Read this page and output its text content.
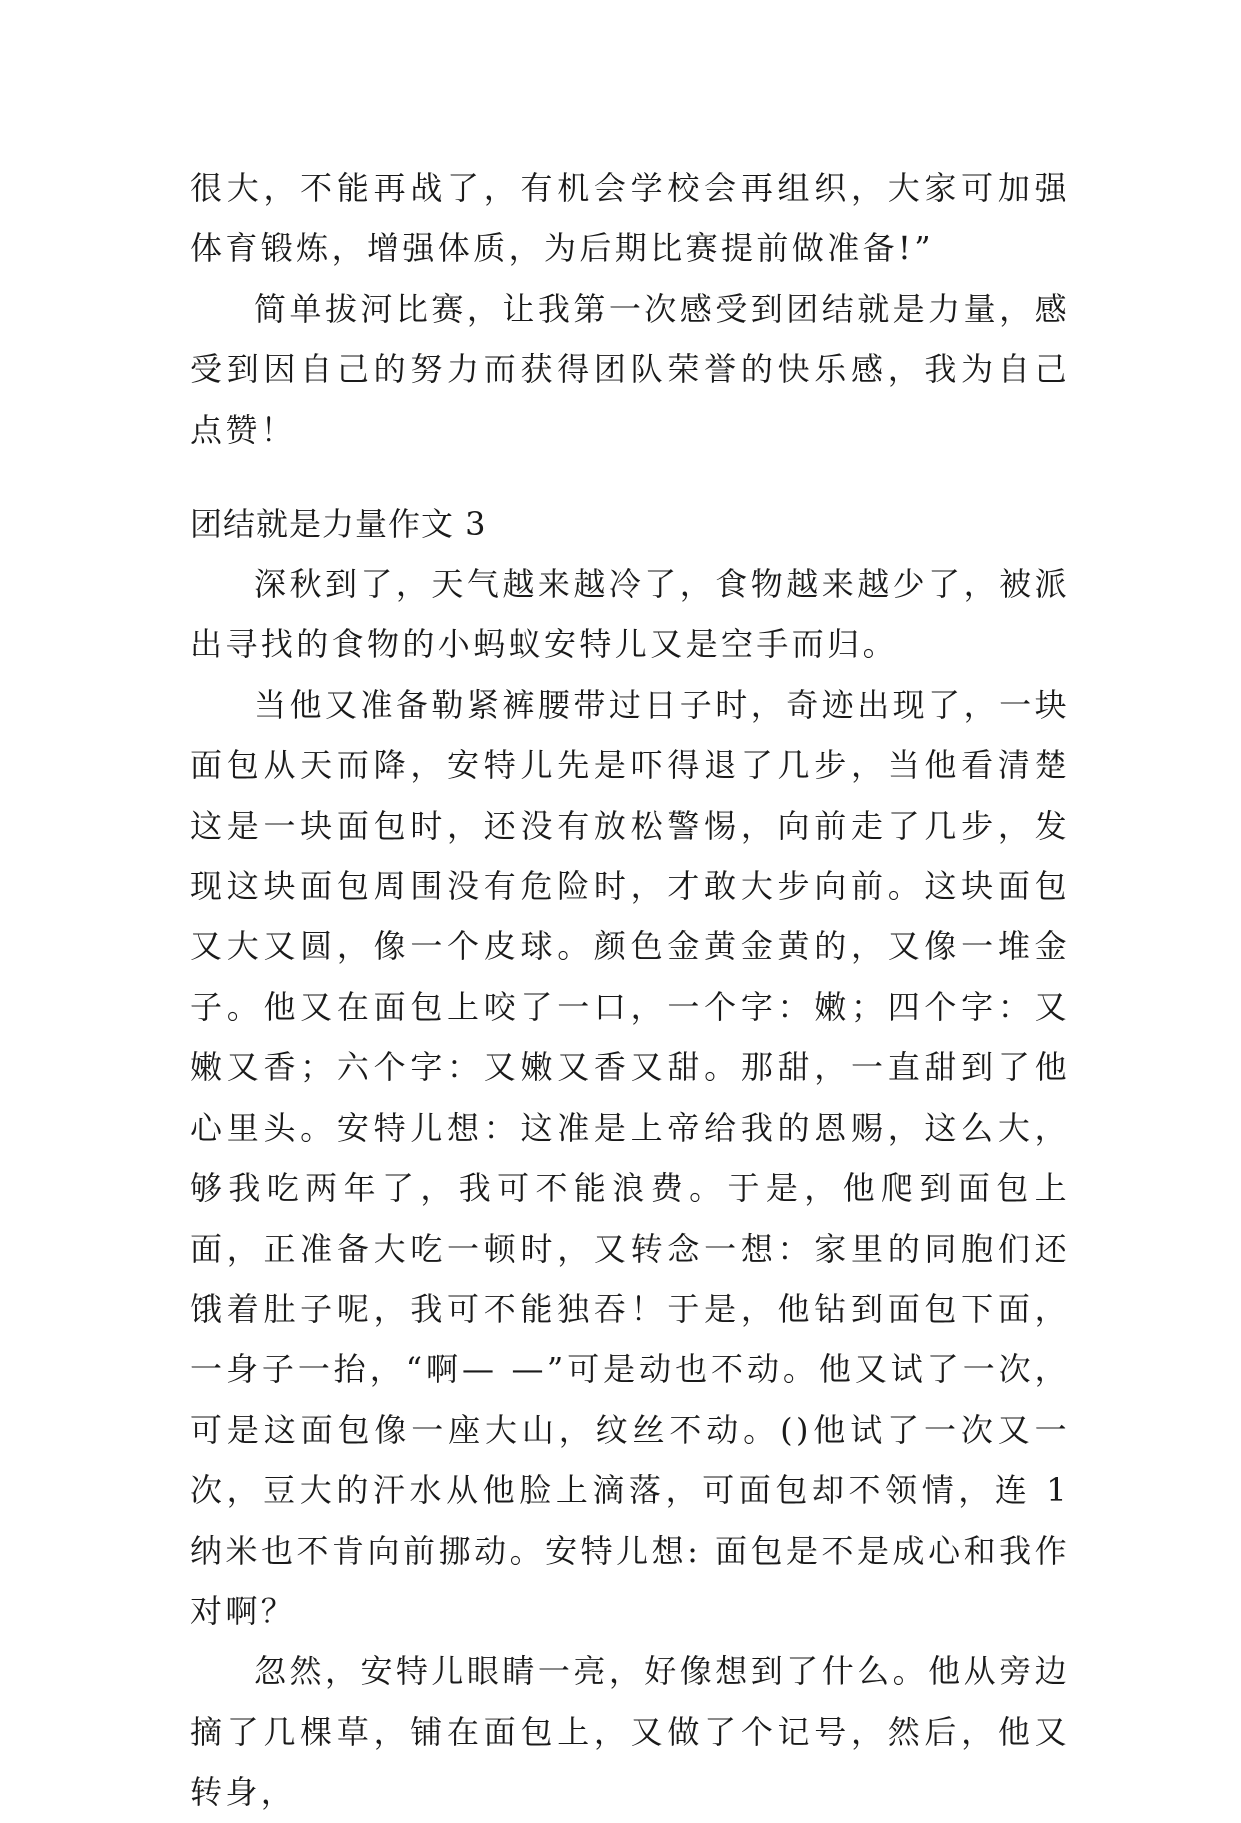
很大，不能再战了，有机会学校会再组织，大家可加强体育锻炼，增强体质，为后期比赛提前做准备!”

简单拔河比赛，让我第一次感受到团结就是力量，感受到因自己的努力而获得团队荣誉的快乐感，我为自己点赞！

团结就是力量作文 3

深秋到了，天气越来越冷了，食物越来越少了，被派出寻找的食物的小蚂蚁安特儿又是空手而归。

当他又准备勒紧裤腰带过日子时，奇迹出现了，一块面包从天而降，安特儿先是吓得退了几步，当他看清楚这是一块面包时，还没有放松警惕，向前走了几步，发现这块面包周围没有危险时，才敢大步向前。这块面包又大又圆，像一个皮球。颜色金黄金黄的，又像一堆金子。他又在面包上咬了一口，一个字：嫩；四个字：又嫩又香；六个字：又嫩又香又甜。那甜，一直甜到了他心里头。安特儿想：这准是上帝给我的恩赐，这么大，够我吃两年了，我可不能浪费。于是，他爬到面包上面，正准备大吃一顿时，又转念一想：家里的同胞们还饿着肚子呢，我可不能独吞！于是，他钻到面包下面，一身子一抬，“啊— —”可是动也不动。他又试了一次，可是这面包像一座大山，纹丝不动。()他试了一次又一次，豆大的汗水从他脸上滴落，可面包却不领情，连 1 纳米也不肯向前挪动。安特儿想: 面包是不是成心和我作对啊？

忽然，安特儿眼睛一亮，好像想到了什么。他从旁边摘了几棵草，铺在面包上，又做了个记号，然后，他又转身，
